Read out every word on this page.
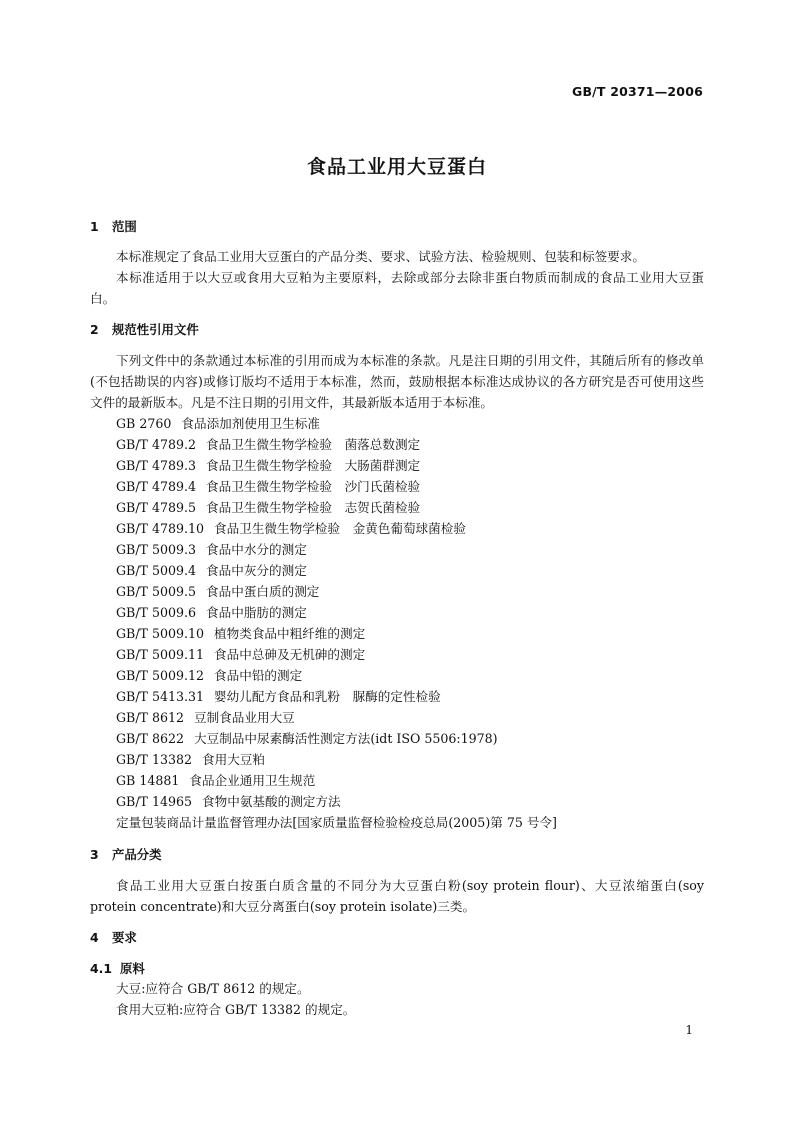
GB/T 20371—2006
食品工业用大豆蛋白
1 范围
本标准规定了食品工业用大豆蛋白的产品分类、要求、试验方法、检验规则、包装和标签要求。
本标准适用于以大豆或食用大豆粕为主要原料，去除或部分去除非蛋白物质而制成的食品工业用大豆蛋白。
2 规范性引用文件
下列文件中的条款通过本标准的引用而成为本标准的条款。凡是注日期的引用文件，其随后所有的修改单(不包括勘误的内容)或修订版均不适用于本标准，然而，鼓励根据本标准达成协议的各方研究是否可使用这些文件的最新版本。凡是不注日期的引用文件，其最新版本适用于本标准。
GB 2760 食品添加剂使用卫生标准
GB/T 4789.2 食品卫生微生物学检验　菌落总数测定
GB/T 4789.3 食品卫生微生物学检验　大肠菌群测定
GB/T 4789.4 食品卫生微生物学检验　沙门氏菌检验
GB/T 4789.5 食品卫生微生物学检验　志贺氏菌检验
GB/T 4789.10 食品卫生微生物学检验　金黄色葡萄球菌检验
GB/T 5009.3 食品中水分的测定
GB/T 5009.4 食品中灰分的测定
GB/T 5009.5 食品中蛋白质的测定
GB/T 5009.6 食品中脂肪的测定
GB/T 5009.10 植物类食品中粗纤维的测定
GB/T 5009.11 食品中总砷及无机砷的测定
GB/T 5009.12 食品中铅的测定
GB/T 5413.31 婴幼儿配方食品和乳粉　脲酶的定性检验
GB/T 8612 豆制食品业用大豆
GB/T 8622 大豆制品中尿素酶活性测定方法(idt ISO 5506:1978)
GB/T 13382 食用大豆粕
GB 14881 食品企业通用卫生规范
GB/T 14965 食物中氨基酸的测定方法
定量包装商品计量监督管理办法[国家质量监督检验检疫总局(2005)第 75 号令]
3 产品分类
食品工业用大豆蛋白按蛋白质含量的不同分为大豆蛋白粉(soy protein flour)、大豆浓缩蛋白(soy protein concentrate)和大豆分离蛋白(soy protein isolate)三类。
4 要求
4.1 原料
大豆:应符合 GB/T 8612 的规定。
食用大豆粕:应符合 GB/T 13382 的规定。
1
